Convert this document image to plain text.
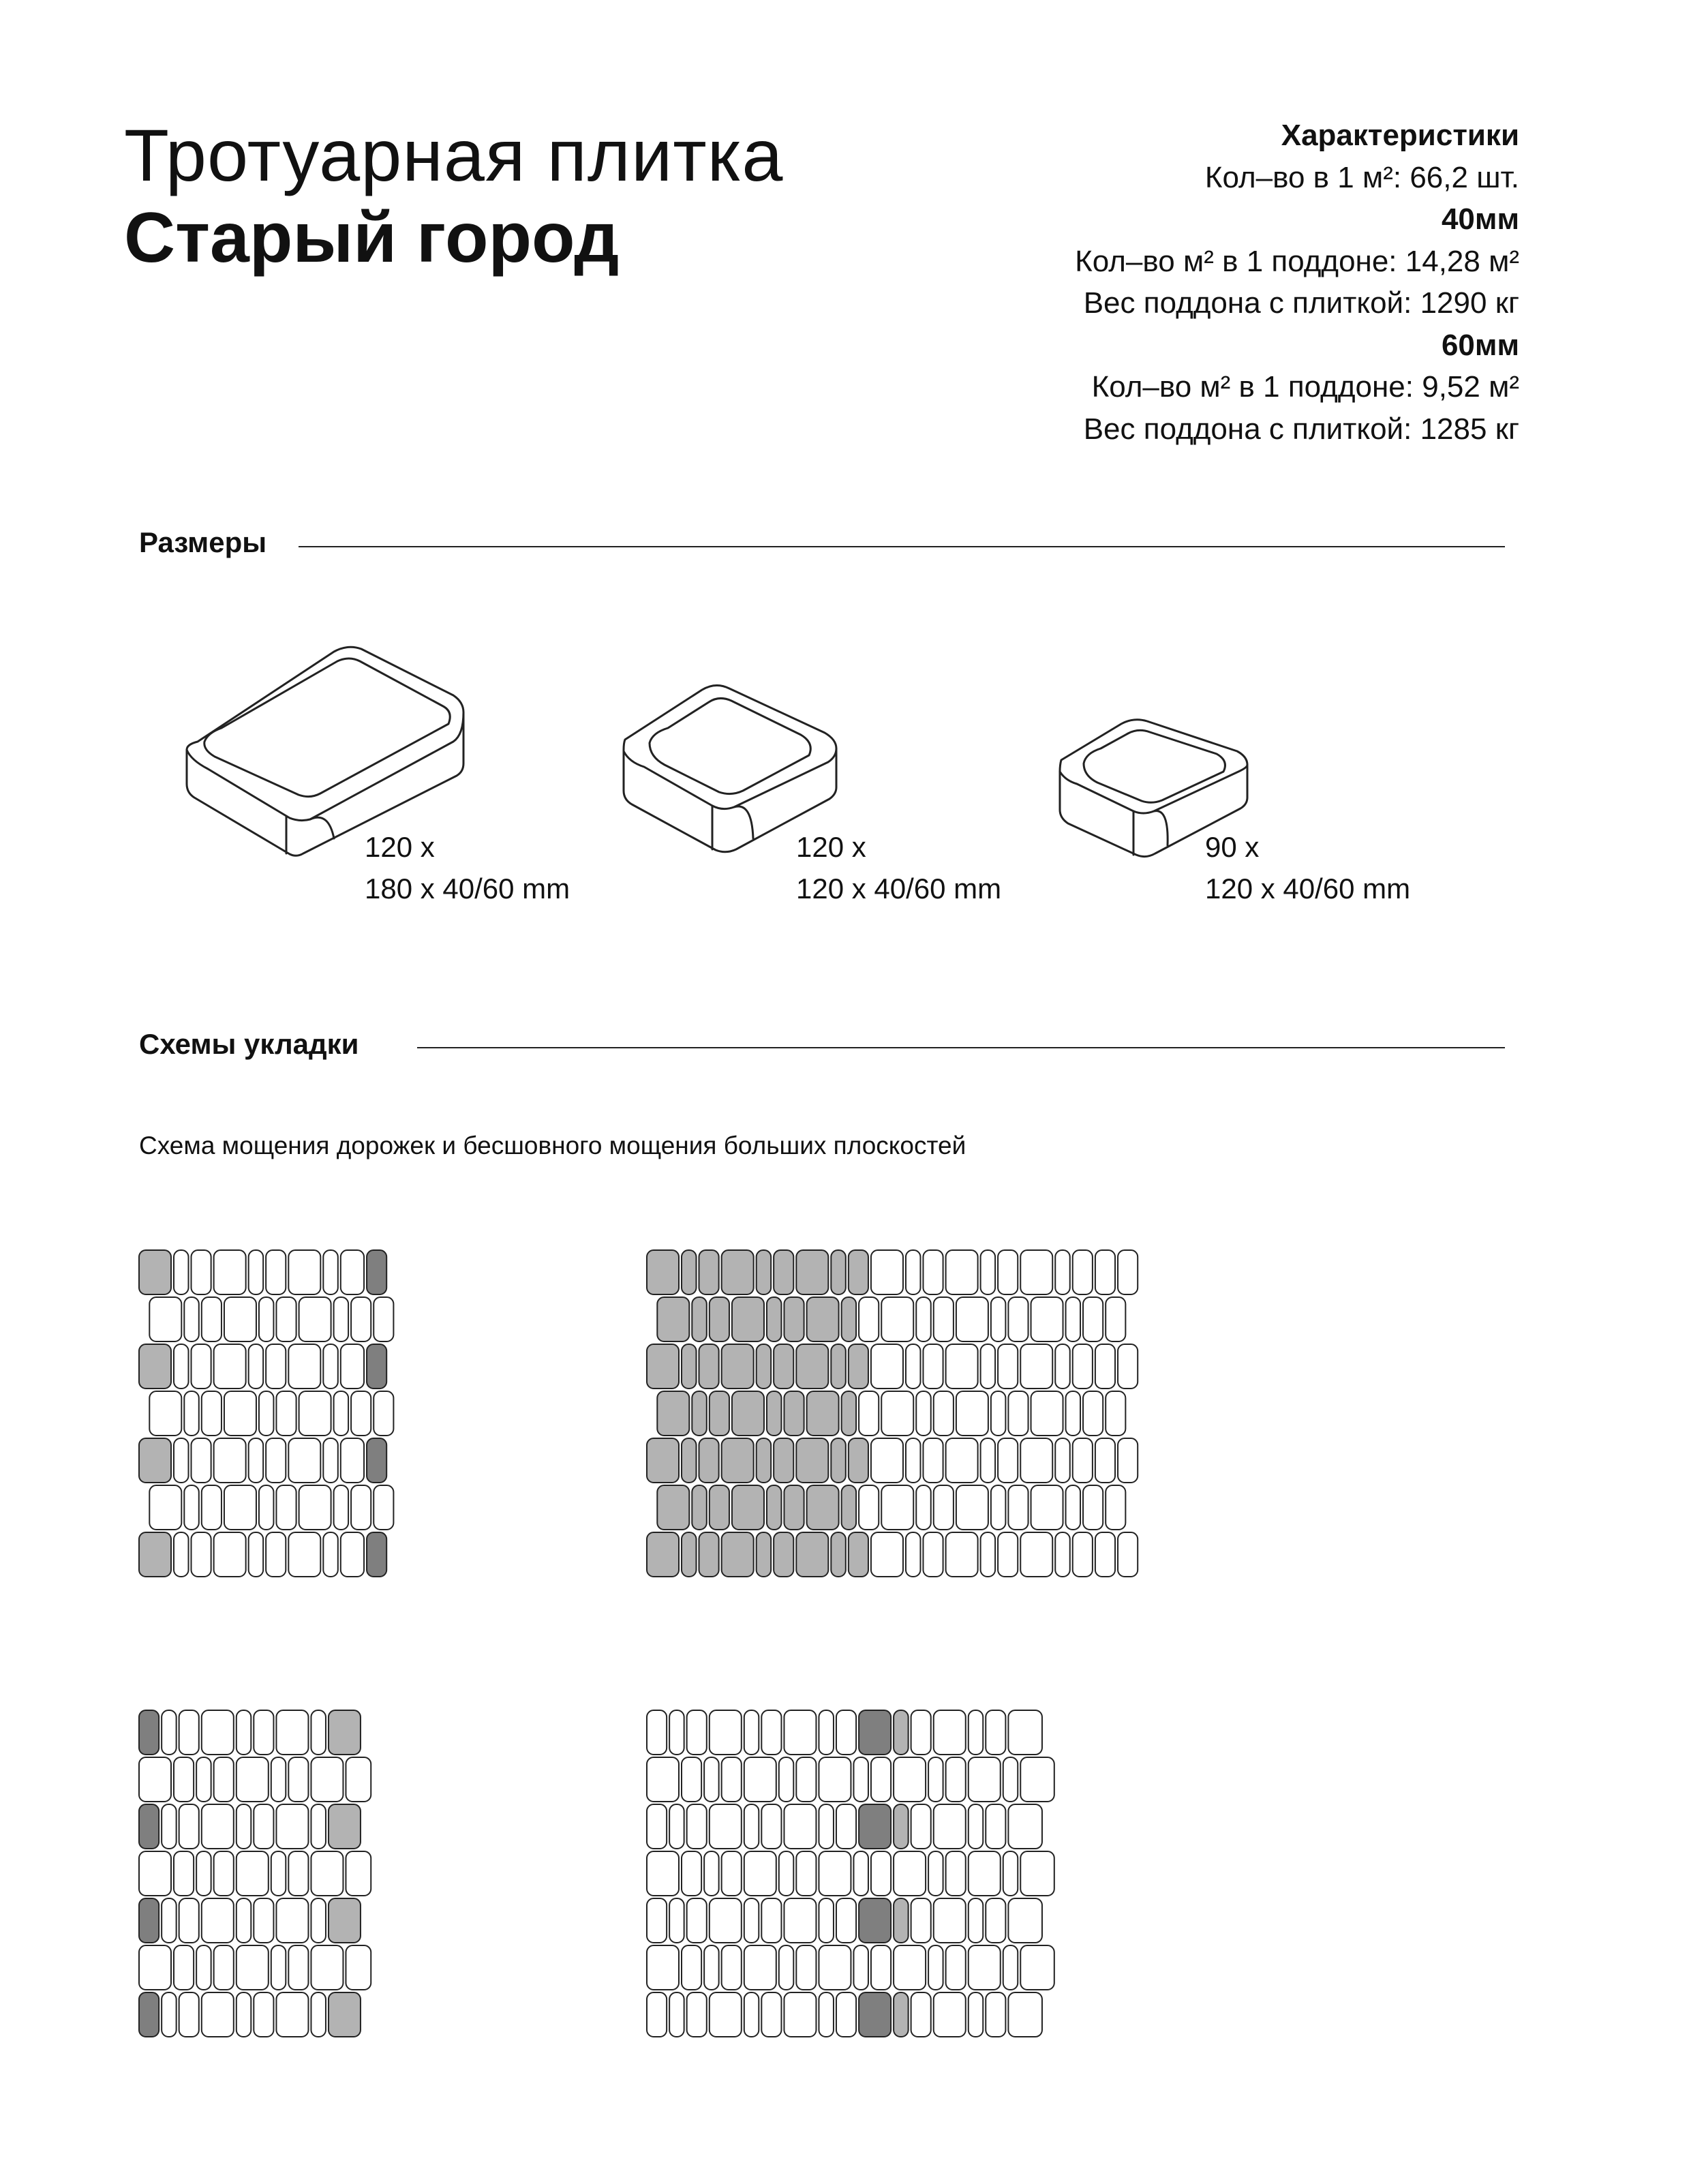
Тротуарная плитка
Старый город
Характеристики
Кол–во в 1 м²: 66,2 шт.
40мм
Кол–во м² в 1 поддоне: 14,28 м²
Вес поддона с плиткой: 1290 кг
60мм
Кол–во м² в 1 поддоне: 9,52 м²
Вес поддона с плиткой: 1285 кг
Размеры
120 x
180 x 40/60 mm
120 x
120 x 40/60 mm
90 x
120 x 40/60 mm
Схемы укладки
Схема мощения дорожек и бесшовного мощения больших плоскостей
